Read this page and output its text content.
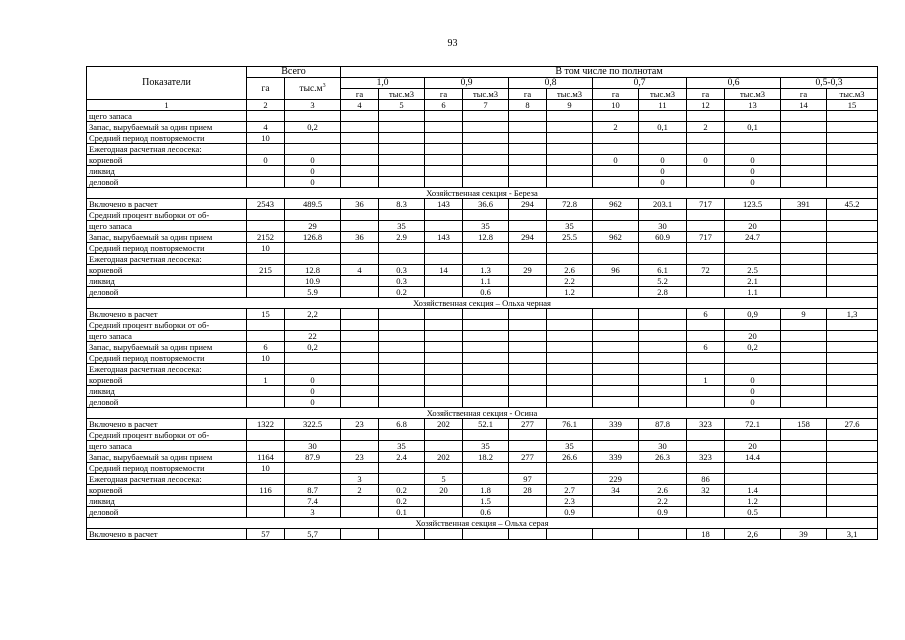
93
Показатели	Всего		В том числе по полнотам											
	га	$тыс.м^3$	1,0		0,9		0,8		0,7		0,6		0,5-0,3	
			га	тыс.м3	га	тыс.м3	га	тыс.м3	га	тыс.м3	га	тыс.м3	га	тыс.м3
1	2	3	4	5	6	7	8	9	10	11	12	13	14	15
щего запаса														
Запас, вырубаемый за один прием	4	0,2							2	0,1	2	0,1		
Средний период повторяемости	10													
Ежегодная расчетная лесосека:														
корневой	0	0							0	0	0	0		
ликвид		0								0		0		
деловой		0								0		0		
Хозяйственная секция - Береза														
Включено в расчет	2543	489.5	36	8.3	143	36.6	294	72.8	962	203.1	717	123.5	391	45.2
Средний процент выборки от об-														
щего запаса		29		35		35		35		30		20		
Запас, вырубаемый за один прием	2152	126.8	36	2.9	143	12.8	294	25.5	962	60.9	717	24.7		
Средний период повторяемости	10													
Ежегодная расчетная лесосека:														
корневой	215	12.8	4	0.3	14	1.3	29	2.6	96	6.1	72	2.5		
ликвид		10.9		0.3		1.1		2.2		5.2		2.1		
деловой		5.9		0.2		0.6		1.2		2.8		1.1		
Хозяйственная секция – Ольха черная														
Включено в расчет	15	2,2									6	0,9	9	1,3
Средний процент выборки от об-														
щего запаса		22										20		
Запас, вырубаемый за один прием	6	0,2									6	0,2		
Средний период повторяемости	10													
Ежегодная расчетная лесосека:														
корневой	1	0									1	0		
ликвид		0										0		
деловой		0										0		
Хозяйственная секция - Осина														
Включено в расчет	1322	322.5	23	6.8	202	52.1	277	76.1	339	87.8	323	72.1	158	27.6
Средний процент выборки от об-														
щего запаса		30		35		35		35		30		20		
Запас, вырубаемый за один прием	1164	87.9	23	2.4	202	18.2	277	26.6	339	26.3	323	14.4		
Средний период повторяемости	10													
Ежегодная расчетная лесосека:			3		5		97		229		86			
корневой	116	8.7	2	0.2	20	1.8	28	2.7	34	2.6	32	1.4		
ликвид		7.4		0.2		1.5		2.3		2.2		1.2		
деловой		3		0.1		0.6		0.9		0.9		0.5		
Хозяйственная секция – Ольха серая														
Включено в расчет	57	5,7									18	2,6	39	3,1
